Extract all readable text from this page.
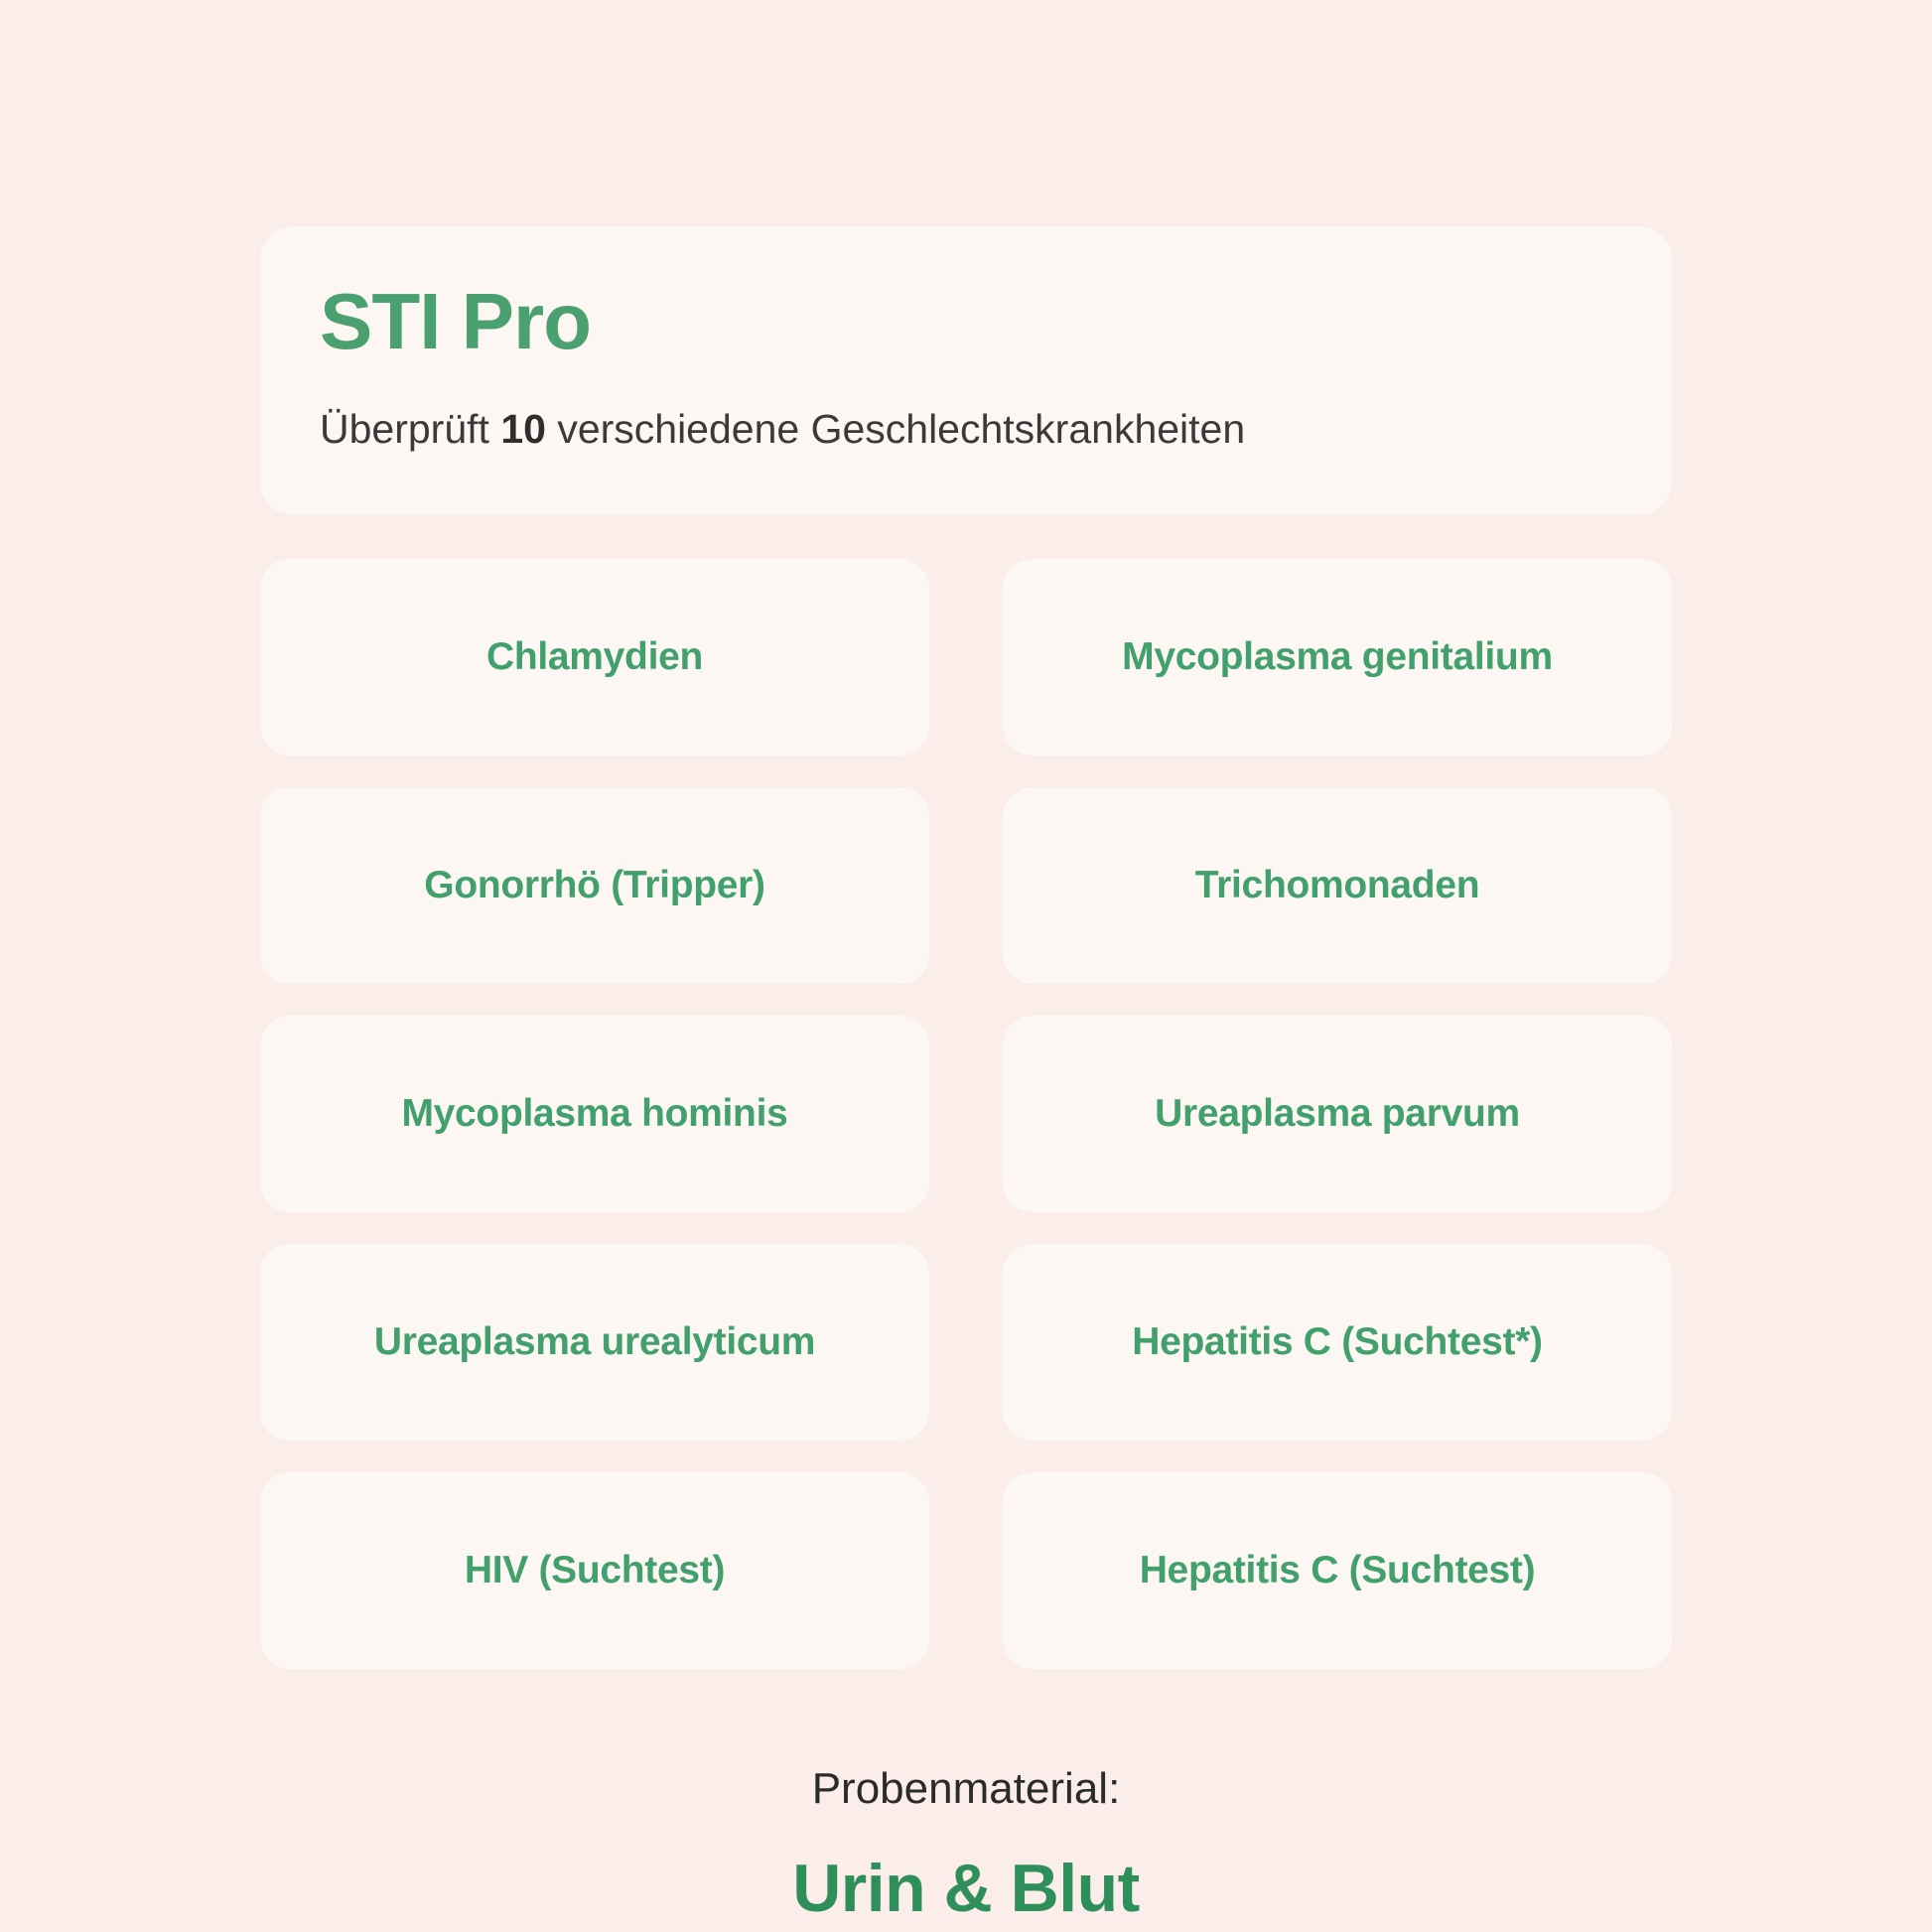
STI Pro
Überprüft 10 verschiedene Geschlechtskrankheiten
Chlamydien	Mycoplasma genitalium
Gonorrhö (Tripper)	Trichomonaden
Mycoplasma hominis	Ureaplasma parvum
Ureaplasma urealyticum	Hepatitis C (Suchtest*)
HIV (Suchtest)	Hepatitis C (Suchtest)
Probenmaterial:
Urin & Blut
